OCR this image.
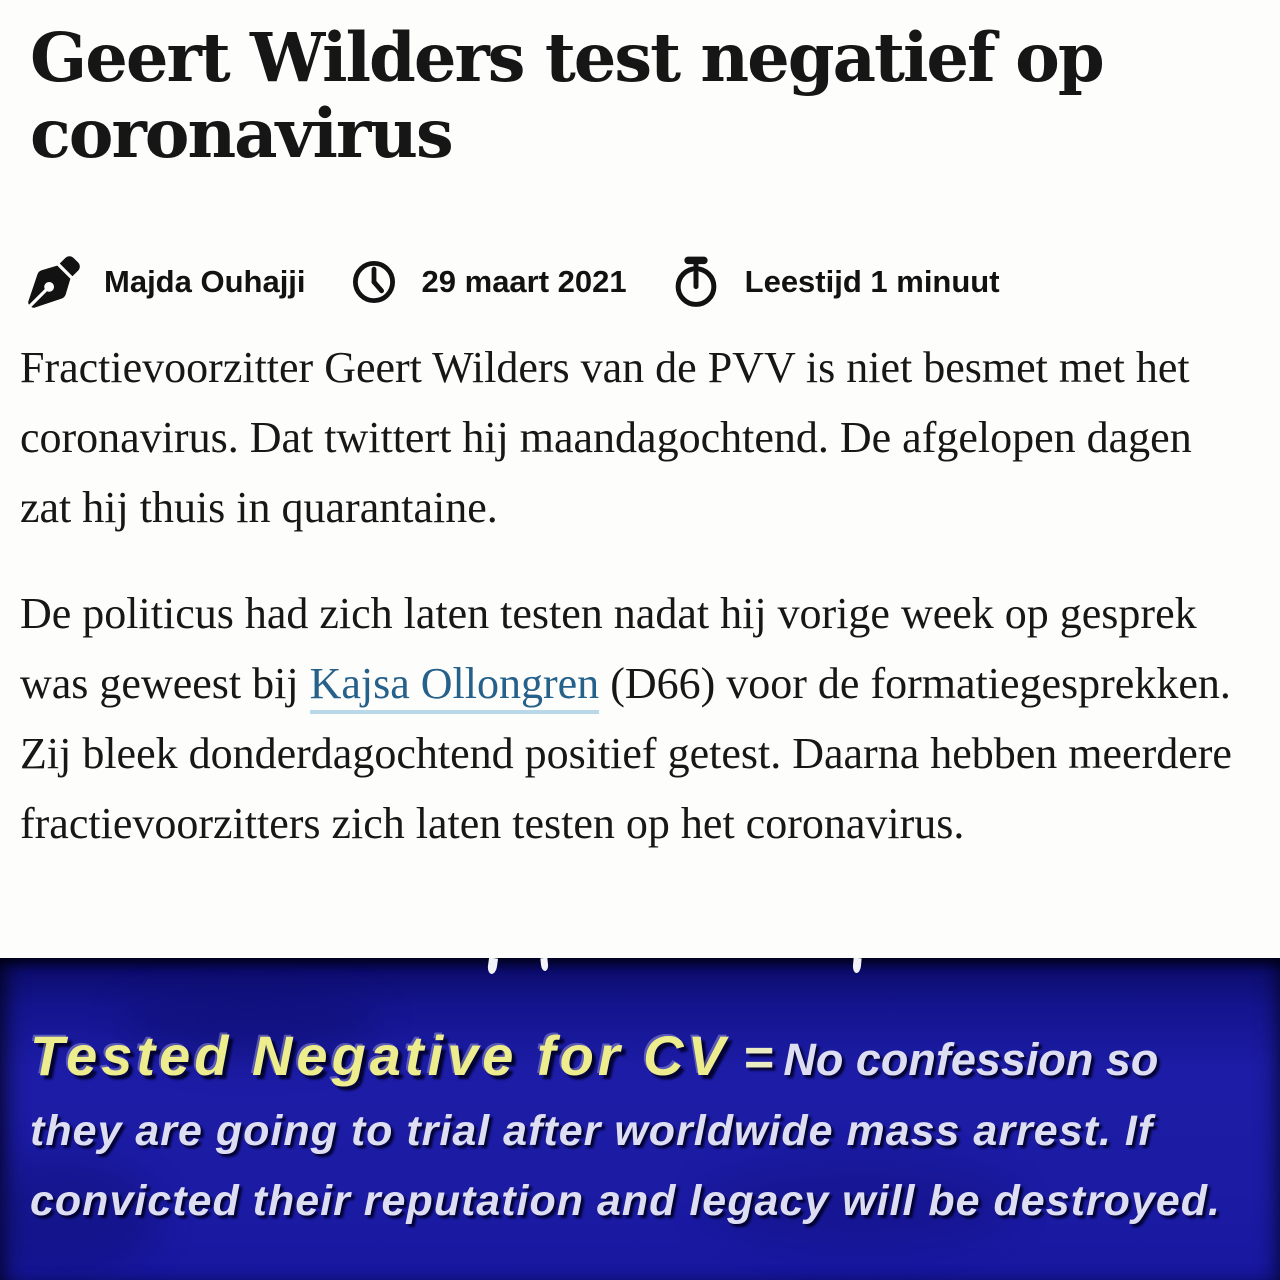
Geert Wilders test negatief op coronavirus
Majda Ouhajji	29 maart 2021	Leestijd 1 minuut

Fractievoorzitter Geert Wilders van de PVV is niet besmet met het coronavirus. Dat twittert hij maandagochtend. De afgelopen dagen zat hij thuis in quarantaine.

De politicus had zich laten testen nadat hij vorige week op gesprek was geweest bij Kajsa Ollongren (D66) voor de formatiegesprekken. Zij bleek donderdagochtend positief getest. Daarna hebben meerdere fractievoorzitters zich laten testen op het coronavirus.

Tested Negative for CV = No confession so
they are going to trial after worldwide mass arrest. If
convicted their reputation and legacy will be destroyed.
